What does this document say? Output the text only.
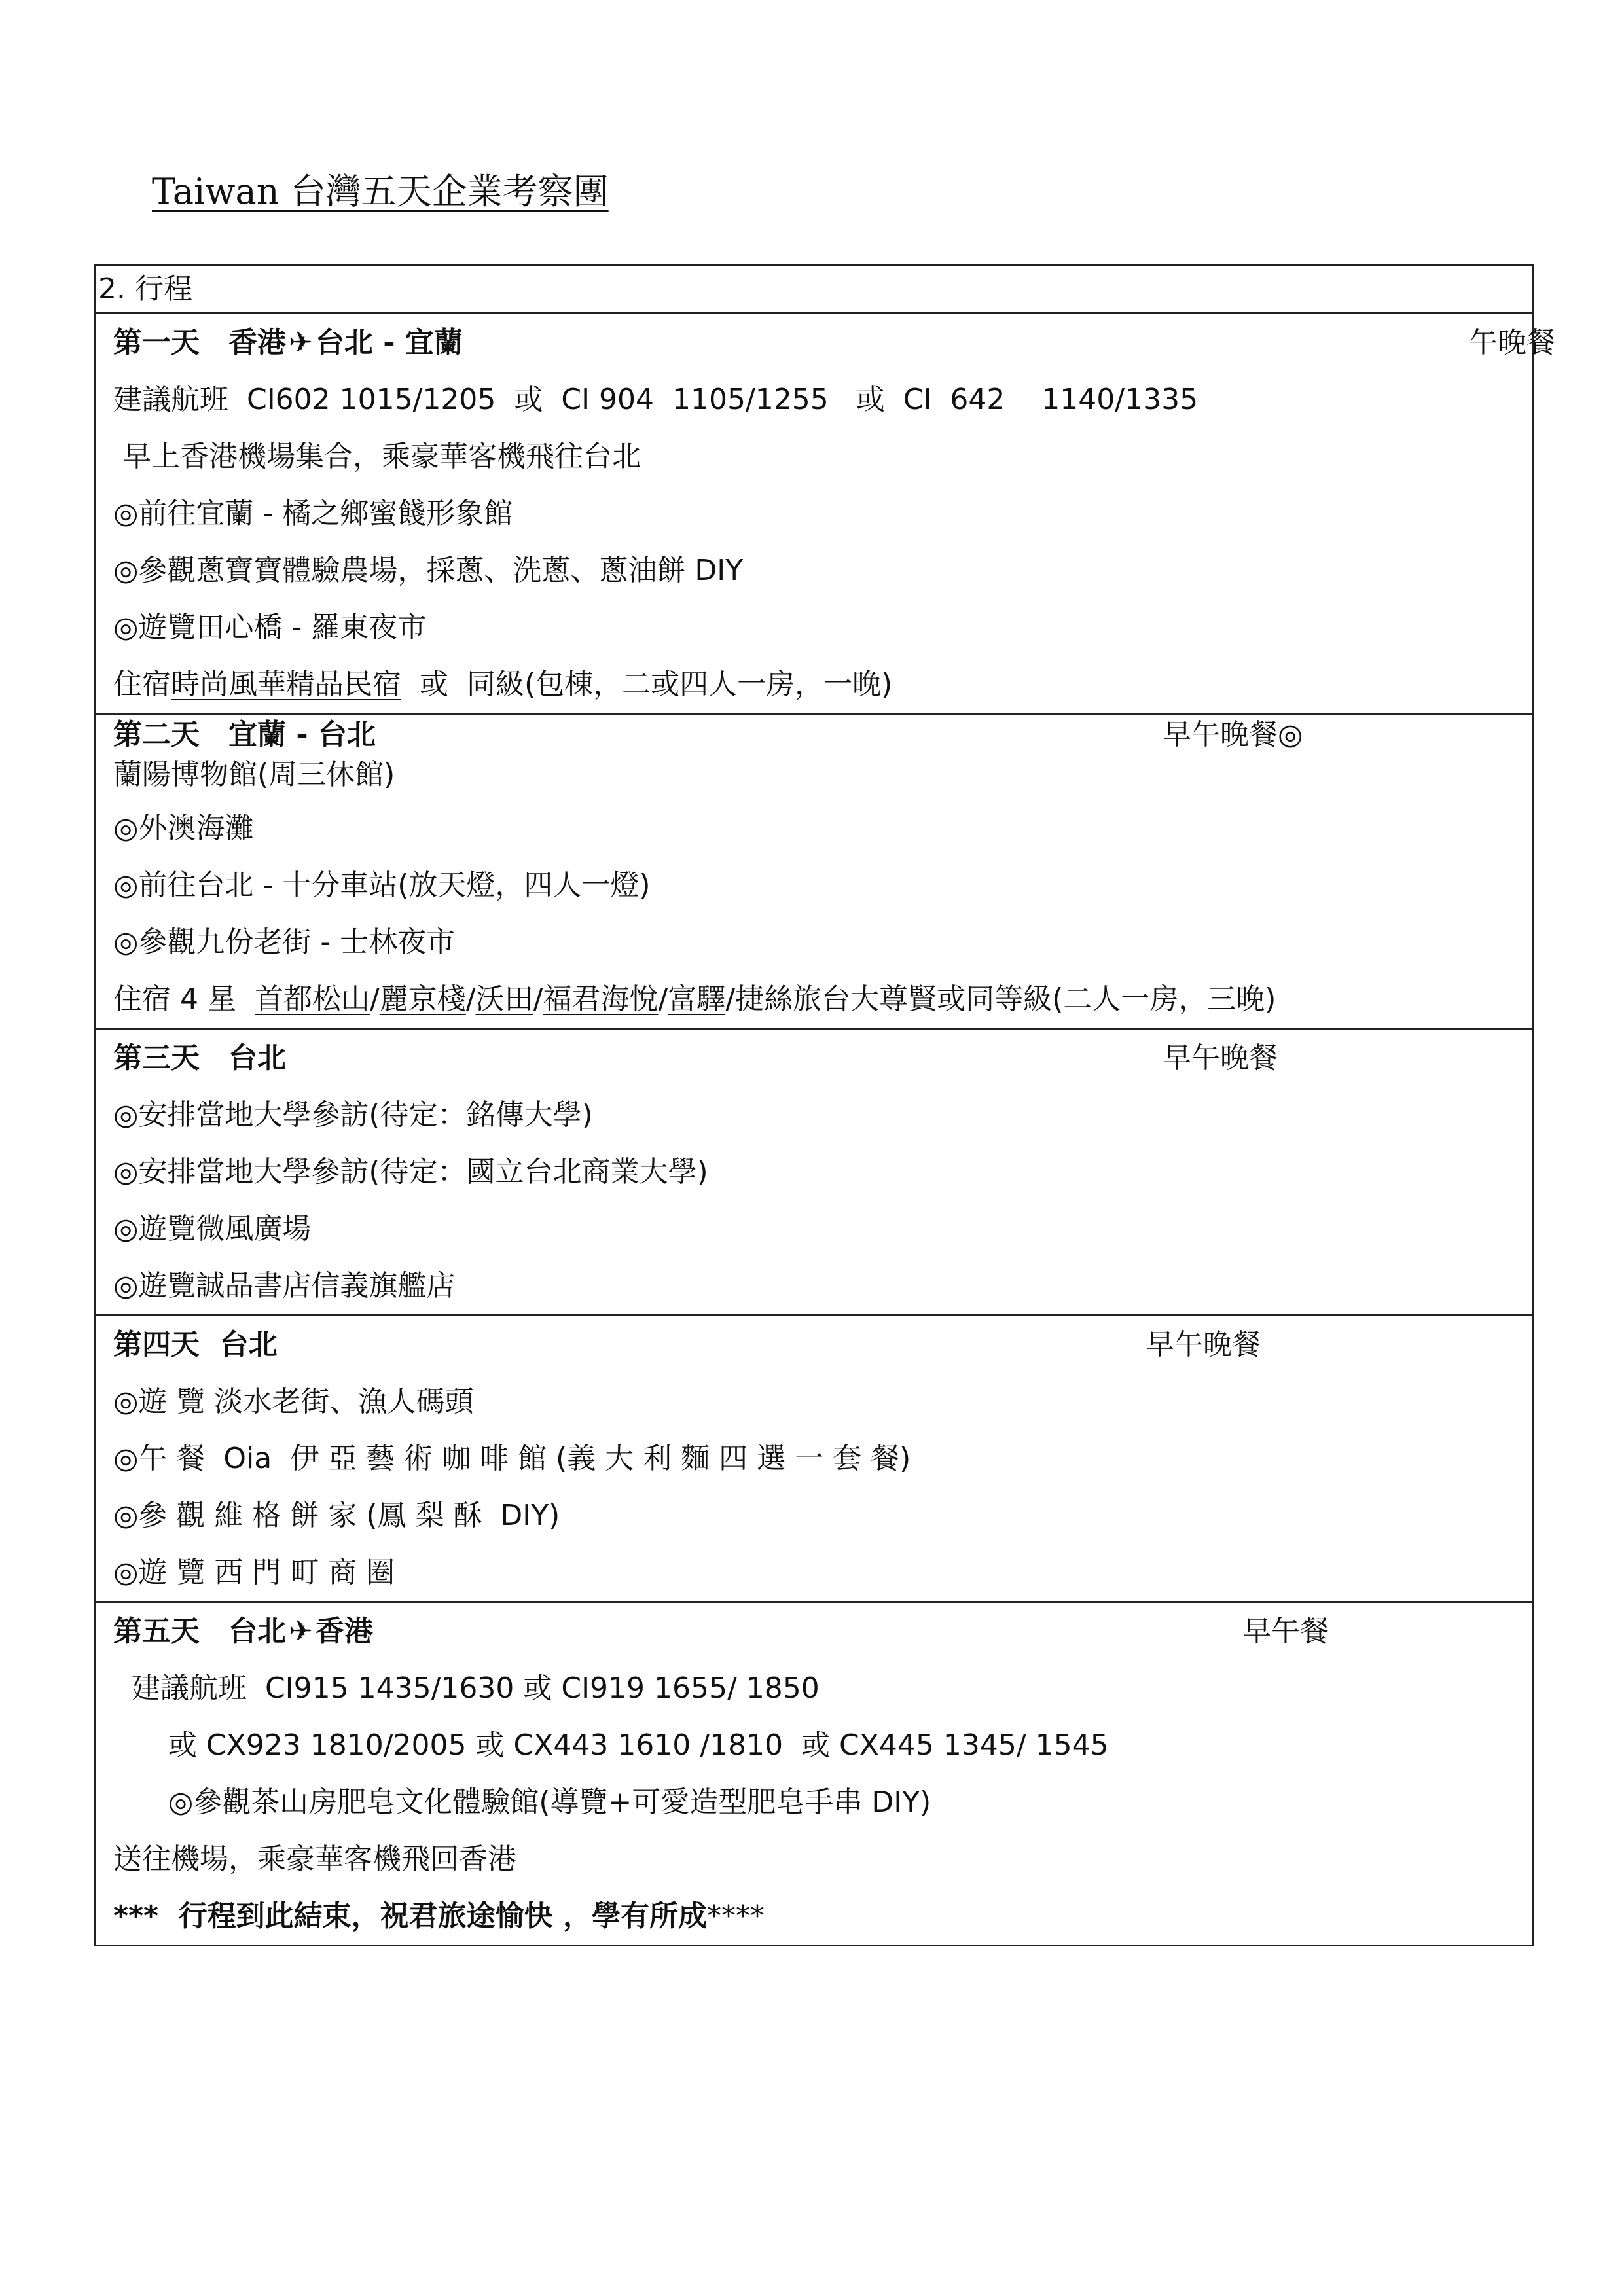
Taiwan 台灣五天企業考察團
2. 行程
第一天　香港✈台北 - 宜蘭	午晚餐
建議航班  CI602 1015/1205  或  CI 904  1105/1255   或  CI  642    1140/1335
早上香港機場集合，乘豪華客機飛往台北
◎前往宜蘭 - 橘之鄉蜜餞形象館
◎參觀蔥寶寶體驗農場，採蔥、洗蔥、蔥油餅 DIY
◎遊覽田心橋 - 羅東夜市
住宿時尚風華精品民宿  或  同級(包棟，二或四人一房，一晚)
第二天　宜蘭 - 台北	早午晚餐◎
蘭陽博物館(周三休館)
◎外澳海灘
◎前往台北 - 十分車站(放天燈，四人一燈)
◎參觀九份老街 - 士林夜市
住宿 4 星  首都松山/麗京棧/沃田/福君海悅/富驛/捷絲旅台大尊賢或同等級(二人一房，三晚)
第三天　台北	早午晚餐
◎安排當地大學參訪(待定：銘傳大學)
◎安排當地大學參訪(待定：國立台北商業大學)
◎遊覽微風廣場
◎遊覽誠品書店信義旗艦店
第四天  台北	早午晚餐
◎遊 覽 淡水老街、漁人碼頭
◎午 餐  Oia  伊 亞 藝 術 咖 啡 館 (義 大 利 麵 四 選 一 套 餐)
◎參 觀 維 格 餅 家 (鳳 梨 酥  DIY)
◎遊 覽 西 門 町 商 圈
第五天　台北✈香港	早午餐
建議航班  CI915 1435/1630 或 CI919 1655/ 1850
或 CX923 1810/2005 或 CX443 1610 /1810  或 CX445 1345/ 1545
◎參觀茶山房肥皂文化體驗館(導覽+可愛造型肥皂手串 DIY)
送往機場，乘豪華客機飛回香港
***  行程到此結束，祝君旅途愉快 ，學有所成****
